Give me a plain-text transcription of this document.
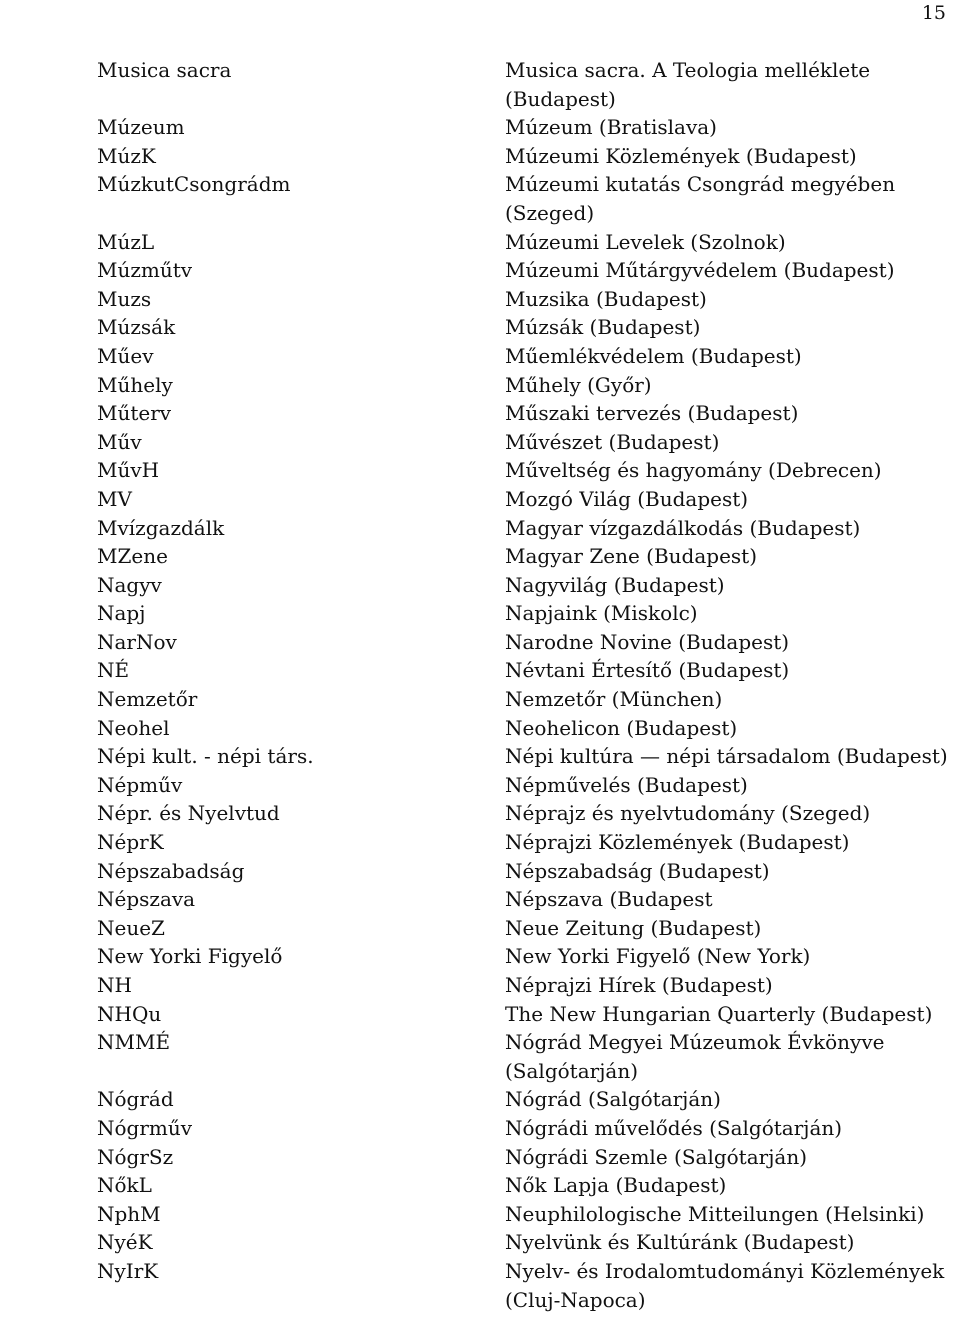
15
Musica sacra	Musica sacra. A Teologia melléklete (Budapest)
Múzeum	Múzeum (Bratislava)
MúzK	Múzeumi Közlemények (Budapest)
MúzkutCsongrádm	Múzeumi kutatás Csongrád megyében (Szeged)
MúzL	Múzeumi Levelek (Szolnok)
Múzműtv	Múzeumi Műtárgyvédelem (Budapest)
Muzs	Muzsika (Budapest)
Múzsák	Múzsák (Budapest)
Műev	Műemlékvédelem (Budapest)
Műhely	Műhely (Győr)
Műterv	Műszaki tervezés (Budapest)
Műv	Művészet (Budapest)
MűvH	Műveltség és hagyomány (Debrecen)
MV	Mozgó Világ (Budapest)
Mvízgazdálk	Magyar vízgazdálkodás (Budapest)
MZene	Magyar Zene (Budapest)
Nagyv	Nagyvilág (Budapest)
Napj	Napjaink (Miskolc)
NarNov	Narodne Novine (Budapest)
NÉ	Névtani Értesítő (Budapest)
Nemzetőr	Nemzetőr (München)
Neohel	Neohelicon (Budapest)
Népi kult. - népi társ.	Népi kultúra — népi társadalom (Budapest)
Népműv	Népművelés (Budapest)
Népr. és Nyelvtud	Néprajz és nyelvtudomány (Szeged)
NéprK	Néprajzi Közlemények (Budapest)
Népszabadság	Népszabadság (Budapest)
Népszava	Népszava (Budapest
NeueZ	Neue Zeitung (Budapest)
New Yorki Figyelő	New Yorki Figyelő (New York)
NH	Néprajzi Hírek (Budapest)
NHQu	The New Hungarian Quarterly (Budapest)
NMMÉ	Nógrád Megyei Múzeumok Évkönyve (Salgótarján)
Nógrád	Nógrád (Salgótarján)
Nógrműv	Nógrádi művelődés (Salgótarján)
NógrSz	Nógrádi Szemle (Salgótarján)
NőkL	Nők Lapja (Budapest)
NphM	Neuphilologische Mitteilungen (Helsinki)
NyéK	Nyelvünk és Kultúránk (Budapest)
NyIrK	Nyelv- és Irodalomtudományi Közlemények (Cluj-Napoca)
